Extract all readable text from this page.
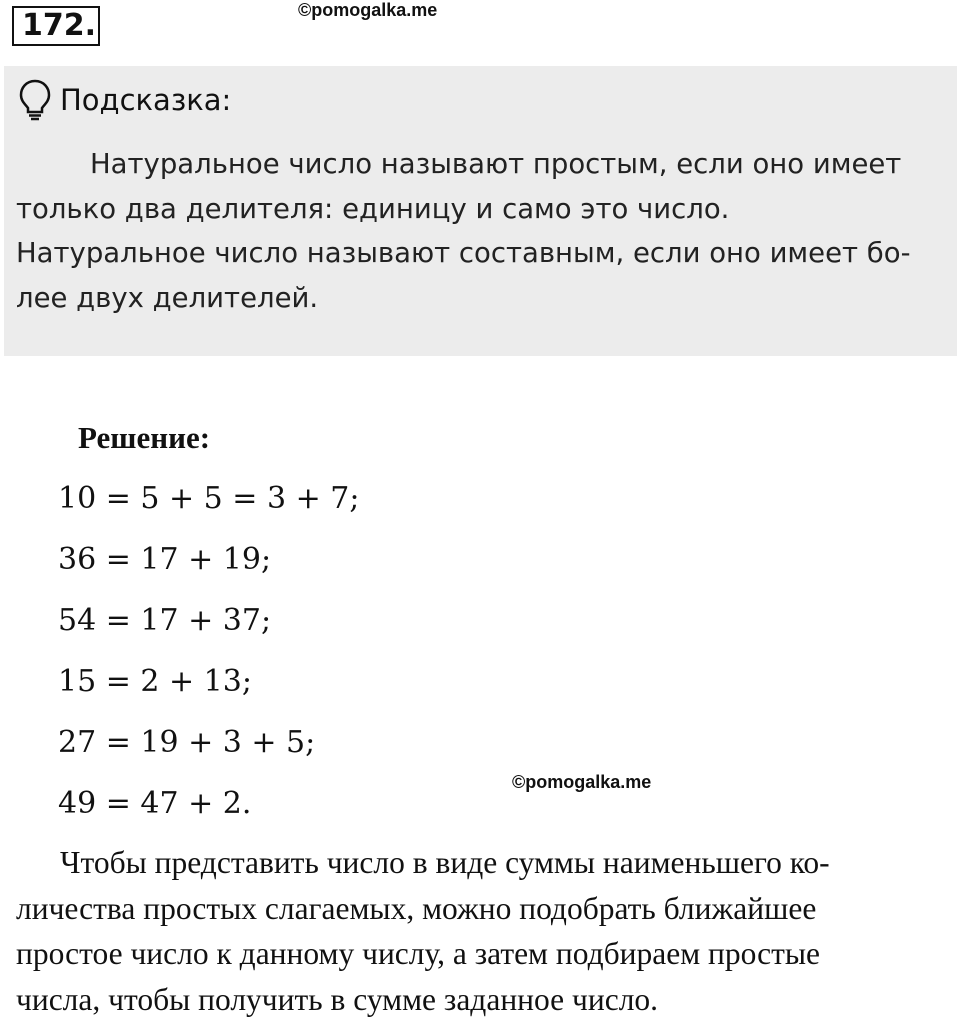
172.	©pomogalka.me
Подсказка:
Натуральное число называют простым, если оно имеет
только два делителя: единицу и само это число.
Натуральное число называют составным, если оно имеет бо-
лее двух делителей.
Решение:
10 = 5 + 5 = 3 + 7;
36 = 17 + 19;
54 = 17 + 37;
15 = 2 + 13;
27 = 19 + 3 + 5;
49 = 47 + 2.
©pomogalka.me
Чтобы представить число в виде суммы наименьшего ко-
личества простых слагаемых, можно подобрать ближайшее
простое число к данному числу, а затем подбираем простые
числа, чтобы получить в сумме заданное число.
